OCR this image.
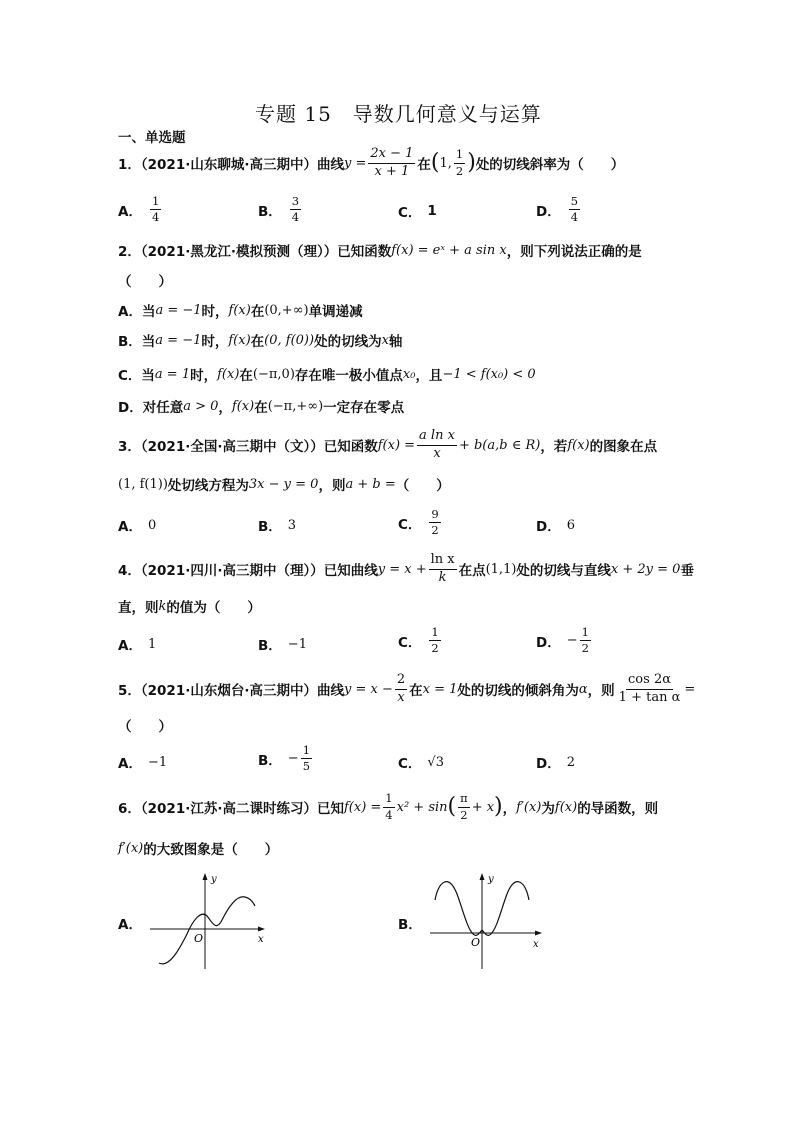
专题 15　导数几何意义与运算
一、单选题
1．（2021·山东聊城·高三期中）曲线 $y = \frac{2x - 1}{x + 1}$ 在 ( 1, $\frac{1}{2}$ ) 处的切线斜率为（　　）
A． $\frac{1}{4}$	B． $\frac{3}{4}$	C． 1	D． $\frac{5}{4}$
2．（2021·黑龙江·模拟预测（理））已知函数 f(x) = eˣ + a sin x ，则下列说法正确的是
（　　）
A．当 a = −1 时， f(x) 在 (0,+∞) 单调递减
B．当 a = −1 时， f(x) 在 (0, f(0)) 处的切线为 x 轴
C．当 a = 1 时， f(x) 在 (−π,0) 存在唯一极小值点 x₀ ，且 −1 < f(x₀) < 0
D．对任意 a > 0 ， f(x) 在 (−π,+∞) 一定存在零点
3．（2021·全国·高三期中（文））已知函数 $f(x) = \frac{\text{a ln x}}{x} + b(a,b$ ∈ R) ，若 f(x) 的图象在点
(1, f(1)) 处切线方程为 3x − y = 0 ，则 a + b = （　　）
A． 0	B． 3	C． $\frac{9}{2}$	D． 6
4．（2021·四川·高三期中（理））已知曲线 $y = x + \frac{\text{ln x}}{k}$ 在点 (1,1) 处的切线与直线 x + 2y = 0 垂
直，则 k 的值为（　　）
A． 1	B． −1	C． $\frac{1}{2}$	D． − $\frac{1}{2}$
5．（2021·山东烟台·高三期中）曲线 $y = x - \frac{2}{x}$ 在 x = 1 处的切线的倾斜角为 α ，则 $\frac{\cos 2\alpha}{\text{1 + tan α}}$ =
（　　）
A． −1	B． − $\frac{1}{5}$	C． √3	D． 2
6．（2021·江苏·高二课时练习）已知 $f(x) = \frac{1}{4} x^2 + \sin$ ( $\frac{\pi}{2} + x$ ) ， f′(x) 为 f(x) 的导函数，则
f′(x) 的大致图象是（　　）
A．
y
x
O
B．
y
x
O
